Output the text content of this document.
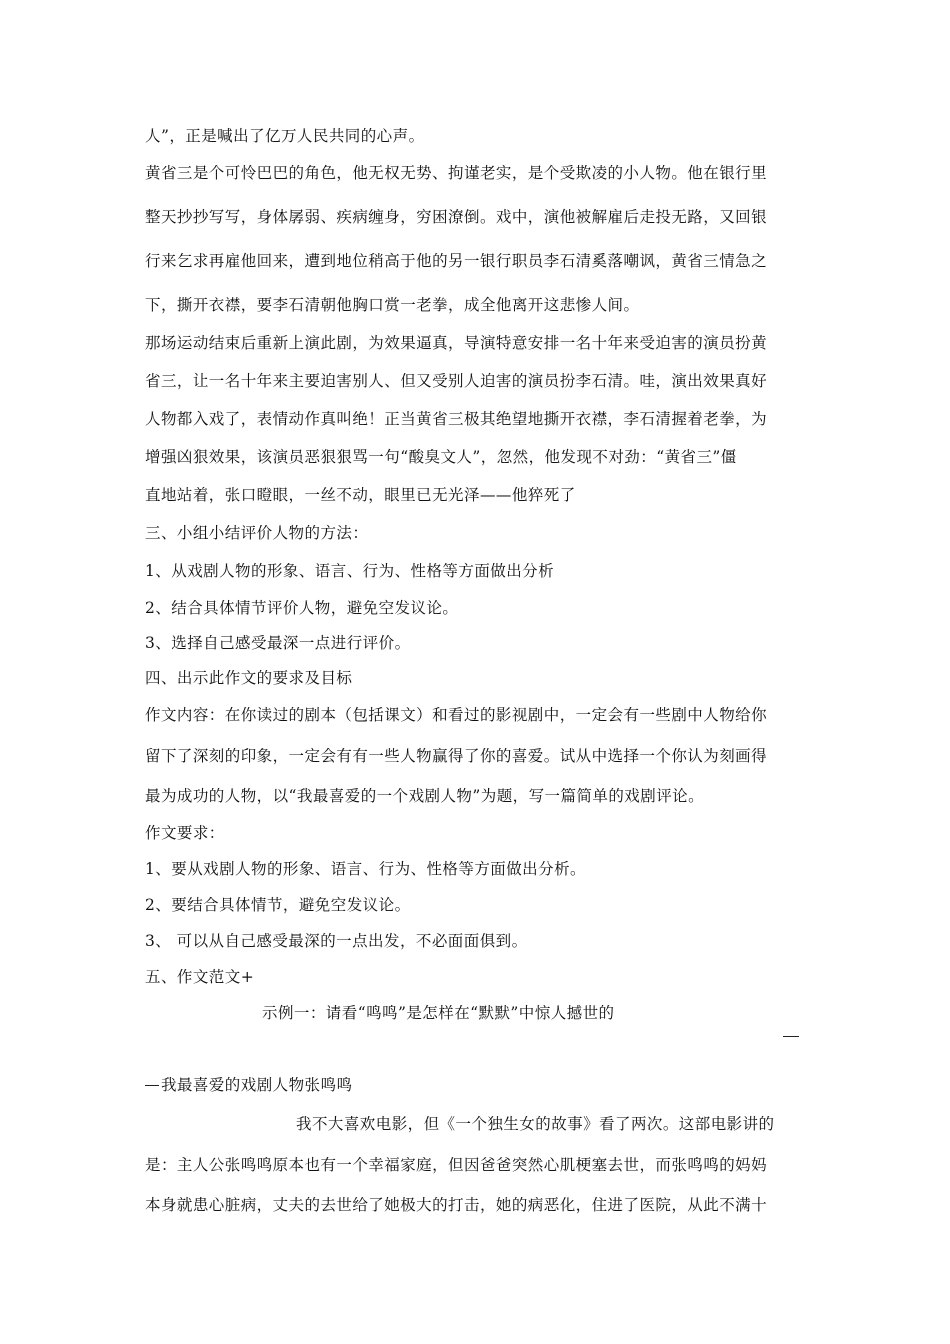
人”，正是喊出了亿万人民共同的心声。
黄省三是个可怜巴巴的角色，他无权无势、拘谨老实，是个受欺凌的小人物。他在银行里
整天抄抄写写，身体孱弱、疾病缠身，穷困潦倒。戏中，演他被解雇后走投无路，又回银
行来乞求再雇他回来，遭到地位稍高于他的另一银行职员李石清奚落嘲讽，黄省三情急之
下，撕开衣襟，要李石清朝他胸口赏一老拳，成全他离开这悲惨人间。
那场运动结束后重新上演此剧，为效果逼真，导演特意安排一名十年来受迫害的演员扮黄
省三，让一名十年来主要迫害别人、但又受别人迫害的演员扮李石清。哇，演出效果真好
人物都入戏了，表情动作真叫绝！正当黄省三极其绝望地撕开衣襟，李石清握着老拳，为
增强凶狠效果，该演员恶狠狠骂一句“酸臭文人”，忽然，他发现不对劲：“黄省三”僵
直地站着，张口瞪眼，一丝不动，眼里已无光泽——他猝死了
三、小组小结评价人物的方法：
1、从戏剧人物的形象、语言、行为、性格等方面做出分析
2、结合具体情节评价人物，避免空发议论。
3、选择自己感受最深一点进行评价。
四、出示此作文的要求及目标
作文内容：在你读过的剧本（包括课文）和看过的影视剧中，一定会有一些剧中人物给你
留下了深刻的印象，一定会有有一些人物赢得了你的喜爱。试从中选择一个你认为刻画得
最为成功的人物，以“我最喜爱的一个戏剧人物”为题，写一篇简单的戏剧评论。
作文要求：
1、要从戏剧人物的形象、语言、行为、性格等方面做出分析。
2、要结合具体情节，避免空发议论。
3、 可以从自己感受最深的一点出发，不必面面俱到。
五、作文范文+
示例一：请看“鸣鸣”是怎样在“默默”中惊人撼世的
我最喜爱的戏剧人物张鸣鸣
我不大喜欢电影，但《一个独生女的故事》看了两次。这部电影讲的
是：主人公张鸣鸣原本也有一个幸福家庭，但因爸爸突然心肌梗塞去世，而张鸣鸣的妈妈
本身就患心脏病，丈夫的去世给了她极大的打击，她的病恶化，住进了医院，从此不满十
